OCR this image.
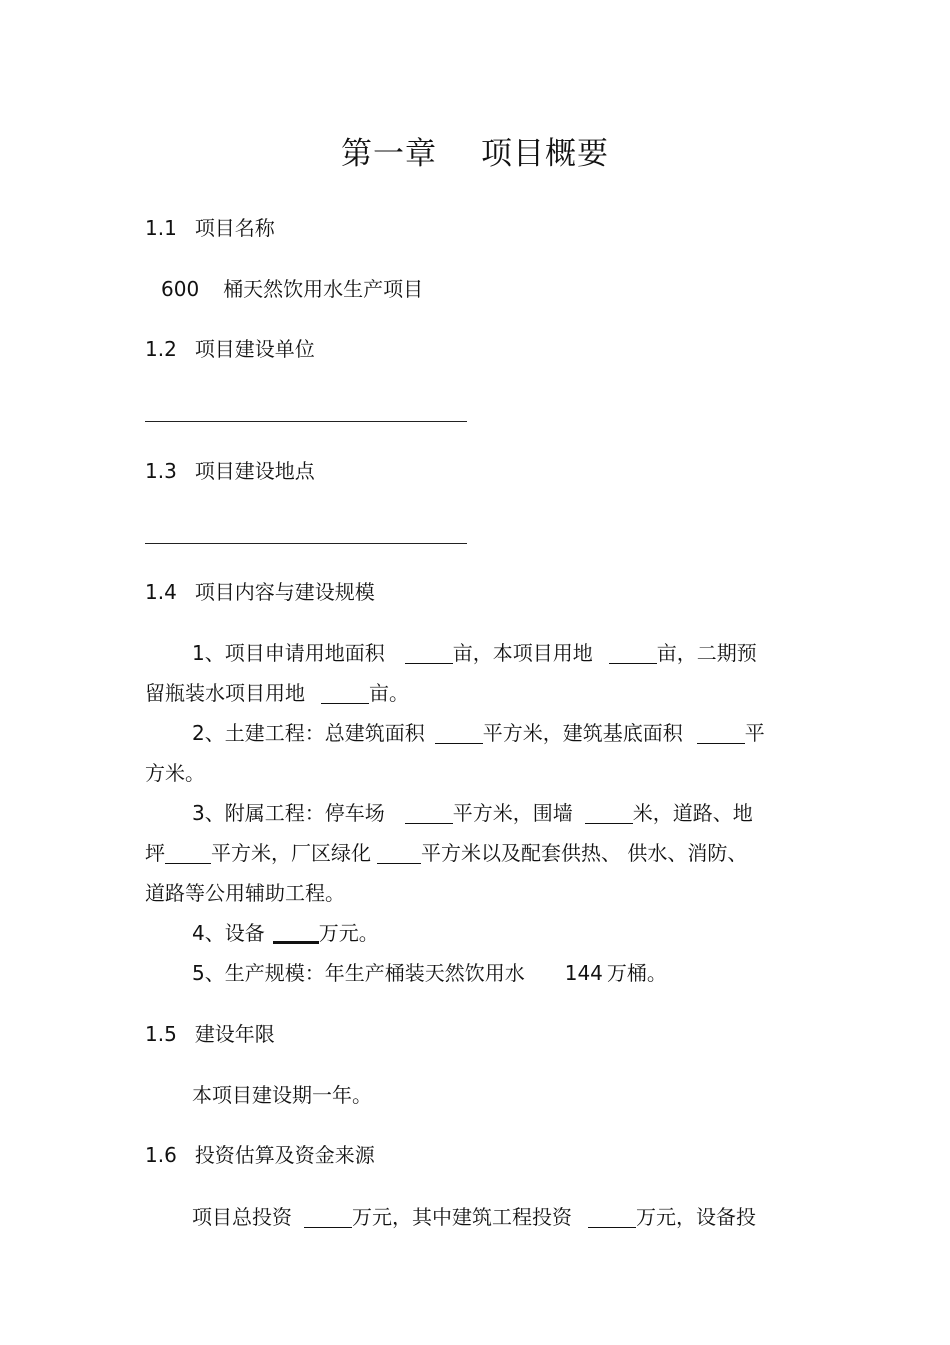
第一章 项目概要
1.1 项目名称
600 桶天然饮用水生产项目
1.2 项目建设单位
1.3 项目建设地点
1.4 项目内容与建设规模
1、项目申请用地面积	亩，本项目用地	亩，二期预
留瓶装水项目用地	亩。
2、土建工程：总建筑面积	平方米，建筑基底面积	平
方米。
3、附属工程：停车场	平方米，围墙	米，道路、地
坪 平方米，厂区绿化	平方米以及配套供热、 供水、消防、
道路等公用辅助工程。
4、设备	万元。
5、生产规模：年生产桶装天然饮用水 144 万桶。
1.5 建设年限
本项目建设期一年。
1.6 投资估算及资金来源
项目总投资	万元，其中建筑工程投资	万元，设备投
